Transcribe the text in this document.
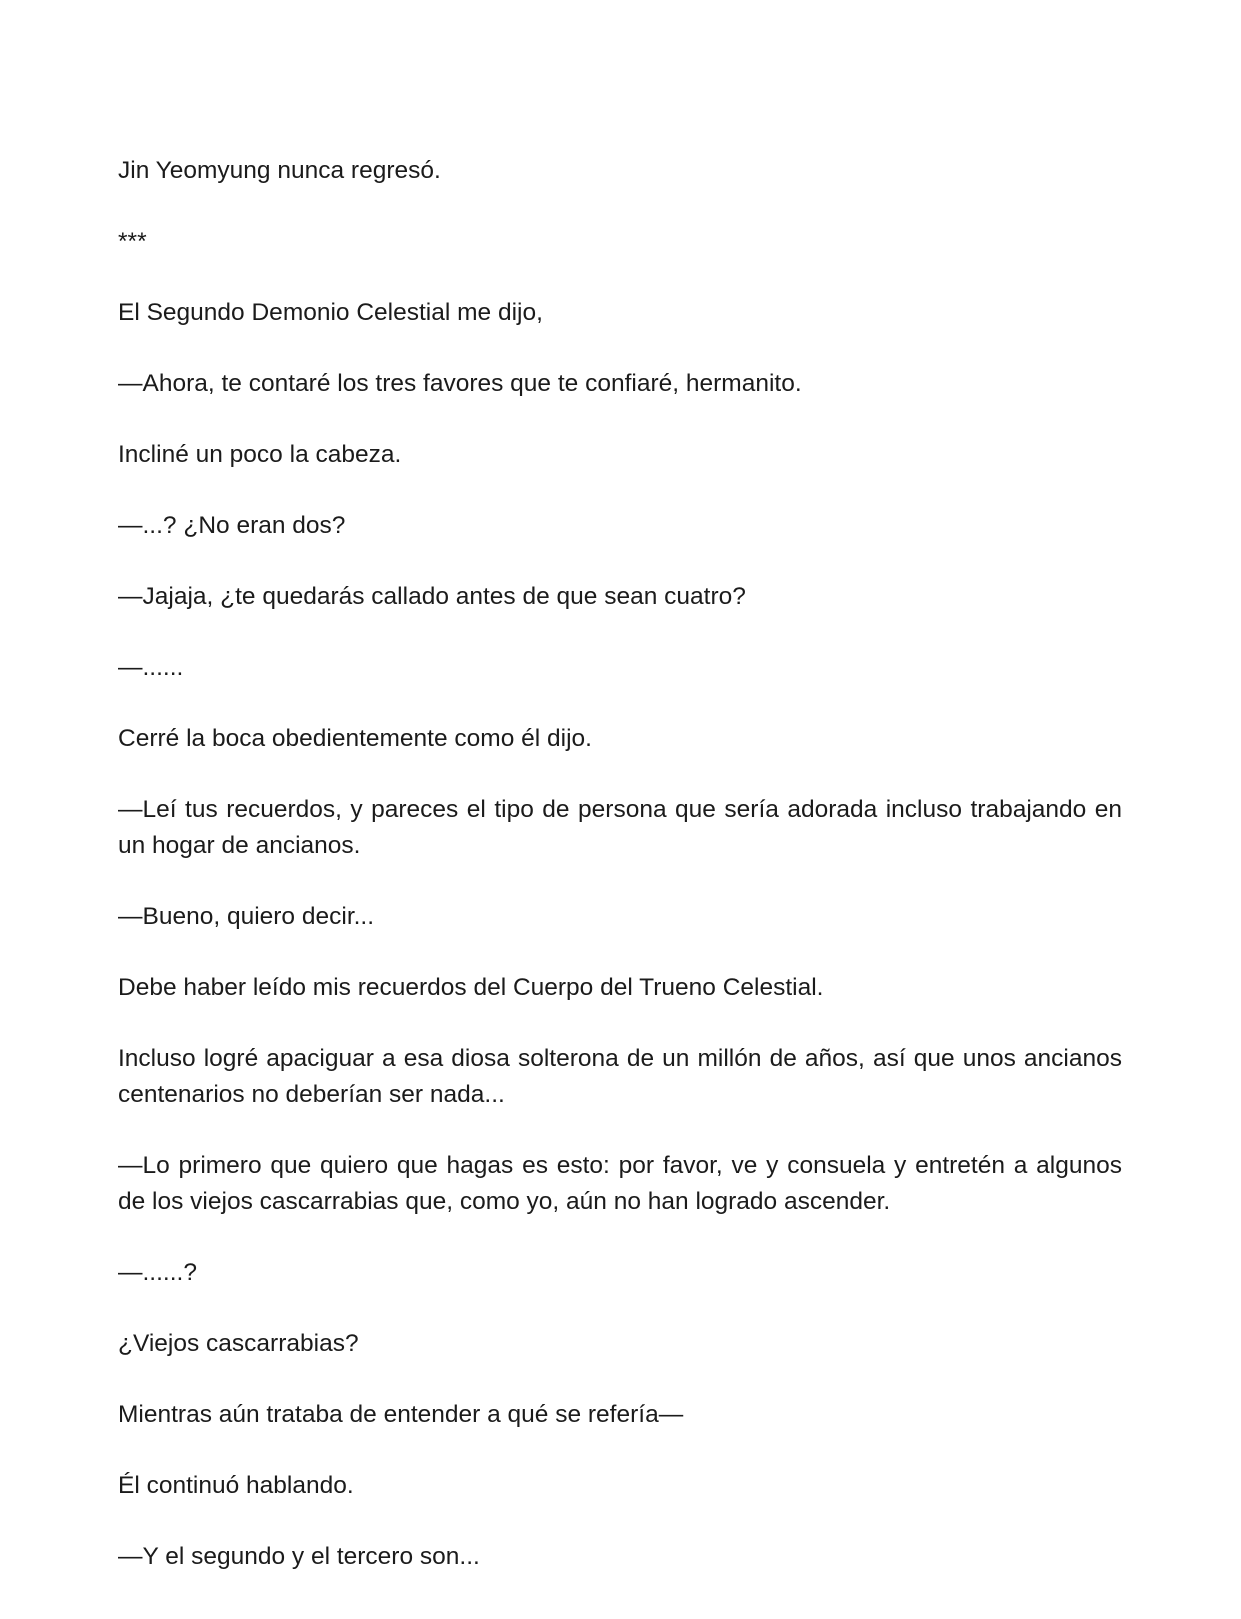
Jin Yeomyung nunca regresó.

***

El Segundo Demonio Celestial me dijo,

—Ahora, te contaré los tres favores que te confiaré, hermanito.

Incliné un poco la cabeza.

—...? ¿No eran dos?

—Jajaja, ¿te quedarás callado antes de que sean cuatro?

—......

Cerré la boca obedientemente como él dijo.

—Leí tus recuerdos, y pareces el tipo de persona que sería adorada incluso trabajando en un hogar de ancianos.

—Bueno, quiero decir...

Debe haber leído mis recuerdos del Cuerpo del Trueno Celestial.

Incluso logré apaciguar a esa diosa solterona de un millón de años, así que unos ancianos centenarios no deberían ser nada...

—Lo primero que quiero que hagas es esto: por favor, ve y consuela y entretén a algunos de los viejos cascarrabias que, como yo, aún no han logrado ascender.

—......?

¿Viejos cascarrabias?

Mientras aún trataba de entender a qué se refería—

Él continuó hablando.

—Y el segundo y el tercero son...
